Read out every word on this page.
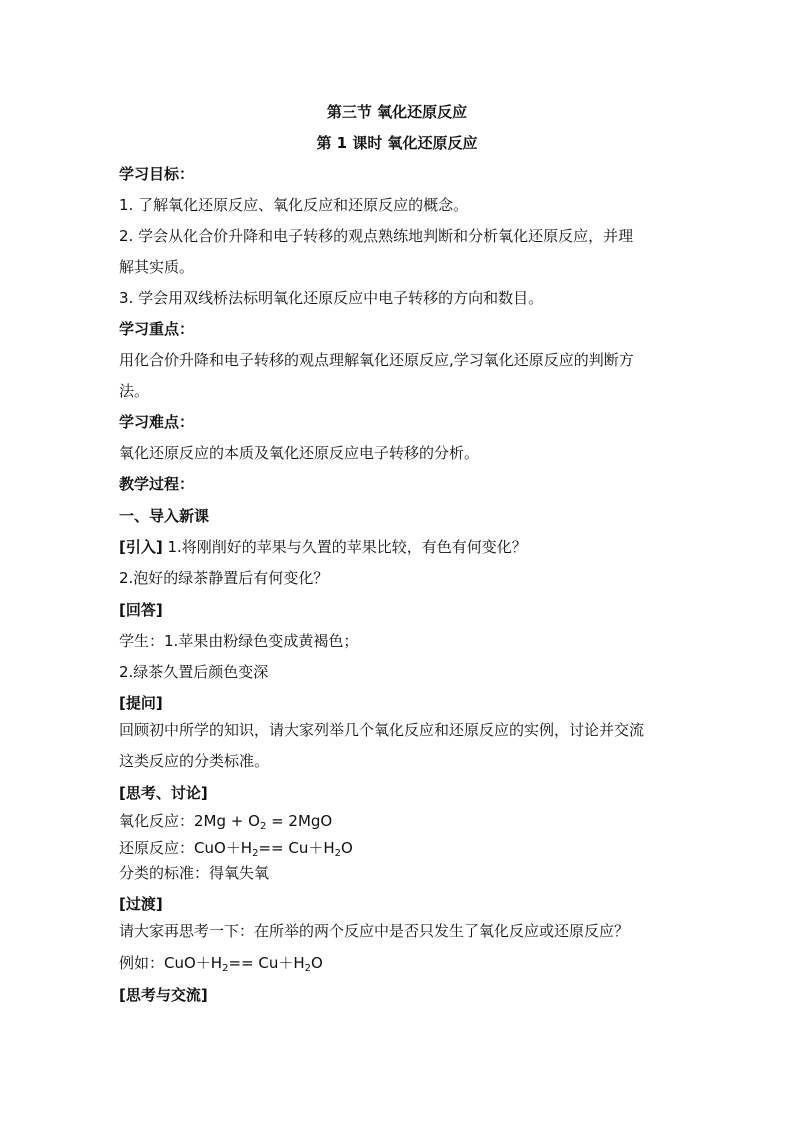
第三节 氧化还原反应
第 1 课时 氧化还原反应
学习目标：
1. 了解氧化还原反应、氧化反应和还原反应的概念。
2. 学会从化合价升降和电子转移的观点熟练地判断和分析氧化还原反应，并理
解其实质。
3. 学会用双线桥法标明氧化还原反应中电子转移的方向和数目。
学习重点：
用化合价升降和电子转移的观点理解氧化还原反应,学习氧化还原反应的判断方
法。
学习难点：
氧化还原反应的本质及氧化还原反应电子转移的分析。
教学过程：
一、导入新课
[引入] 1.将刚削好的苹果与久置的苹果比较，有色有何变化？
2.泡好的绿茶静置后有何变化？
[回答]
学生：1.苹果由粉绿色变成黄褐色；
2.绿茶久置后颜色变深
[提问]
回顾初中所学的知识，请大家列举几个氧化反应和还原反应的实例，讨论并交流
这类反应的分类标准。
[思考、讨论]
氧化反应：$2Mg + O_2 = 2MgO$
还原反应：$CuO+H_2== Cu+H_2O$
分类的标准：得氧失氧
[过渡]
请大家再思考一下：在所举的两个反应中是否只发生了氧化反应或还原反应？
例如：$CuO+H_2== Cu+H_2O$
[思考与交流]
